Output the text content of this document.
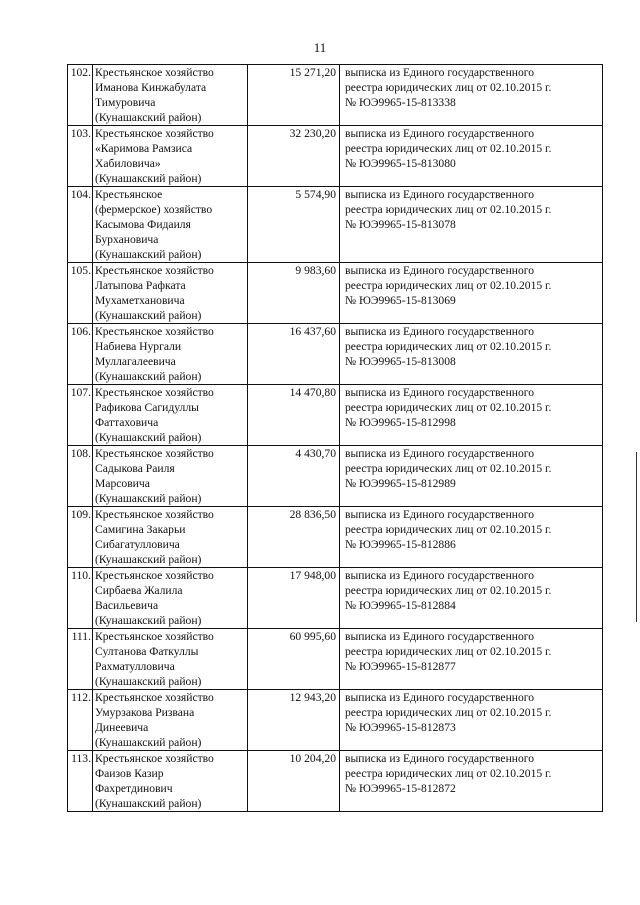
11
102.	Крестьянское хозяйство
Иманова Кинжабулата
Тимуровича
(Кунашакский район)	15 271,20	выписка из Единого государственного
реестра юридических лиц от 02.10.2015 г.
№ ЮЭ9965-15-813338
103.	Крестьянское хозяйство
«Каримова Рамзиса
Хабиловича»
(Кунашакский район)	32 230,20	выписка из Единого государственного
реестра юридических лиц от 02.10.2015 г.
№ ЮЭ9965-15-813080
104.	Крестьянское
(фермерское) хозяйство
Касымова Фидаиля
Бурхановича
(Кунашакский район)	5 574,90	выписка из Единого государственного
реестра юридических лиц от 02.10.2015 г.
№ ЮЭ9965-15-813078
105.	Крестьянское хозяйство
Латыпова Рафката
Мухаметхановича
(Кунашакский район)	9 983,60	выписка из Единого государственного
реестра юридических лиц от 02.10.2015 г.
№ ЮЭ9965-15-813069
106.	Крестьянское хозяйство
Набиева Нургали
Муллагалеевича
(Кунашакский район)	16 437,60	выписка из Единого государственного
реестра юридических лиц от 02.10.2015 г.
№ ЮЭ9965-15-813008
107.	Крестьянское хозяйство
Рафикова Сагидуллы
Фаттаховича
(Кунашакский район)	14 470,80	выписка из Единого государственного
реестра юридических лиц от 02.10.2015 г.
№ ЮЭ9965-15-812998
108.	Крестьянское хозяйство
Садыкова Раиля
Марсовича
(Кунашакский район)	4 430,70	выписка из Единого государственного
реестра юридических лиц от 02.10.2015 г.
№ ЮЭ9965-15-812989
109.	Крестьянское хозяйство
Самигина Закарьи
Сибагатулловича
(Кунашакский район)	28 836,50	выписка из Единого государственного
реестра юридических лиц от 02.10.2015 г.
№ ЮЭ9965-15-812886
110.	Крестьянское хозяйство
Сирбаева Жалила
Васильевича
(Кунашакский район)	17 948,00	выписка из Единого государственного
реестра юридических лиц от 02.10.2015 г.
№ ЮЭ9965-15-812884
111.	Крестьянское хозяйство
Султанова Фаткуллы
Рахматулловича
(Кунашакский район)	60 995,60	выписка из Единого государственного
реестра юридических лиц от 02.10.2015 г.
№ ЮЭ9965-15-812877
112.	Крестьянское хозяйство
Умурзакова Ризвана
Динеевича
(Кунашакский район)	12 943,20	выписка из Единого государственного
реестра юридических лиц от 02.10.2015 г.
№ ЮЭ9965-15-812873
113.	Крестьянское хозяйство
Фаизов Казир
Фахретдинович
(Кунашакский район)	10 204,20	выписка из Единого государственного
реестра юридических лиц от 02.10.2015 г.
№ ЮЭ9965-15-812872
